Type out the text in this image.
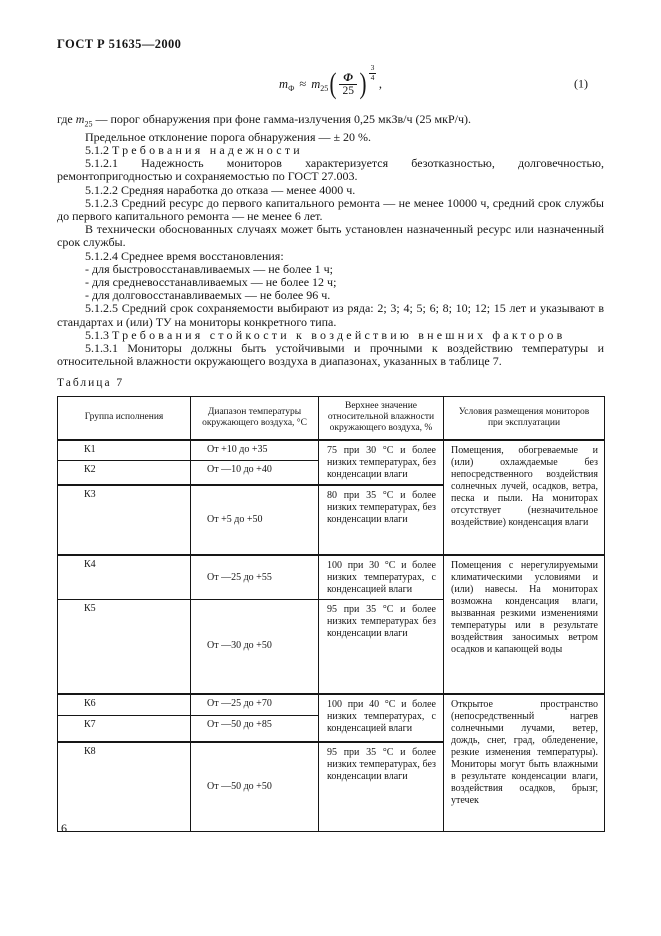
ГОСТ Р 51635—2000
$m_Ф \approx m_{25}$ ( $\frac{Ф}{25}$ ) 3
4 ,	(1)

где $m_{25}$ — порог обнаружения при фоне гамма-излучения 0,25 мкЗв/ч (25 мкР/ч).

Предельное отклонение порога обнаружения — ± 20 %.

5.1.2 Требования надежности

5.1.2.1 Надежность мониторов характеризуется безотказностью, долговечностью, ремонтопригодностью и сохраняемостью по ГОСТ 27.003.

5.1.2.2 Средняя наработка до отказа — менее 4000 ч.

5.1.2.3 Средний ресурс до первого капитального ремонта — не менее 10000 ч, средний срок службы до первого капитального ремонта — не менее 6 лет.

В технически обоснованных случаях может быть установлен назначенный ресурс или назначенный срок службы.

5.1.2.4 Среднее время восстановления:

- для быстровосстанавливаемых — не более 1 ч;

- для средневосстанавливаемых — не более 12 ч;

- для долговосстанавливаемых — не более 96 ч.

5.1.2.5 Средний срок сохраняемости выбирают из ряда: 2; 3; 4; 5; 6; 8; 10; 12; 15 лет и указывают в стандартах и (или) ТУ на мониторы конкретного типа.

5.1.3 Требования стойкости к воздействию внешних факторов

5.1.3.1 Мониторы должны быть устойчивыми и прочными к воздействию температуры и относительной влажности окружающего воздуха в диапазонах, указанных в таблице 7.

Таблица 7

Группа исполнения	Диапазон температуры окружающего воздуха, °С	Верхнее значение относительной влажности окружающего воздуха, %	Условия размещения мониторов при эксплуатации
К1	От +10 до +35	75 при 30 °С и более низких температурах, без конденсации влаги	Помещения, обогреваемые и (или) охлаждаемые без непосредственного воздействия солнечных лучей, осадков, ветра, песка и пыли. На мониторах отсутствует (незначительное воздействие) конденсация влаги
К2	От —10 до +40		
К3	От +5 до +50	80 при 35 °С и более низких температурах, без конденсации влаги	
К4	От —25 до +55	100 при 30 °С и более низких температурах, с конденсацией влаги	Помещения с нерегулируемыми климатическими условиями и (или) навесы. На мониторах возможна конденсация влаги, вызванная резкими изменениями температуры или в результате воздействия заносимых ветром осадков и капающей воды
К5	От —30 до +50	95 при 35 °С и более низких температурах без конденсации влаги	
К6	От —25 до +70	100 при 40 °С и более низких температурах, с конденсацией влаги	Открытое пространство (непосредственный нагрев солнечными лучами, ветер, дождь, снег, град, обледенение, резкие изменения температуры). Мониторы могут быть влажными в результате конденсации влаги, воздействия осадков, брызг, утечек
К7	От —50 до +85		
К8	От —50 до +50	95 при 35 °С и более низких температурах, без конденсации влаги	
6
